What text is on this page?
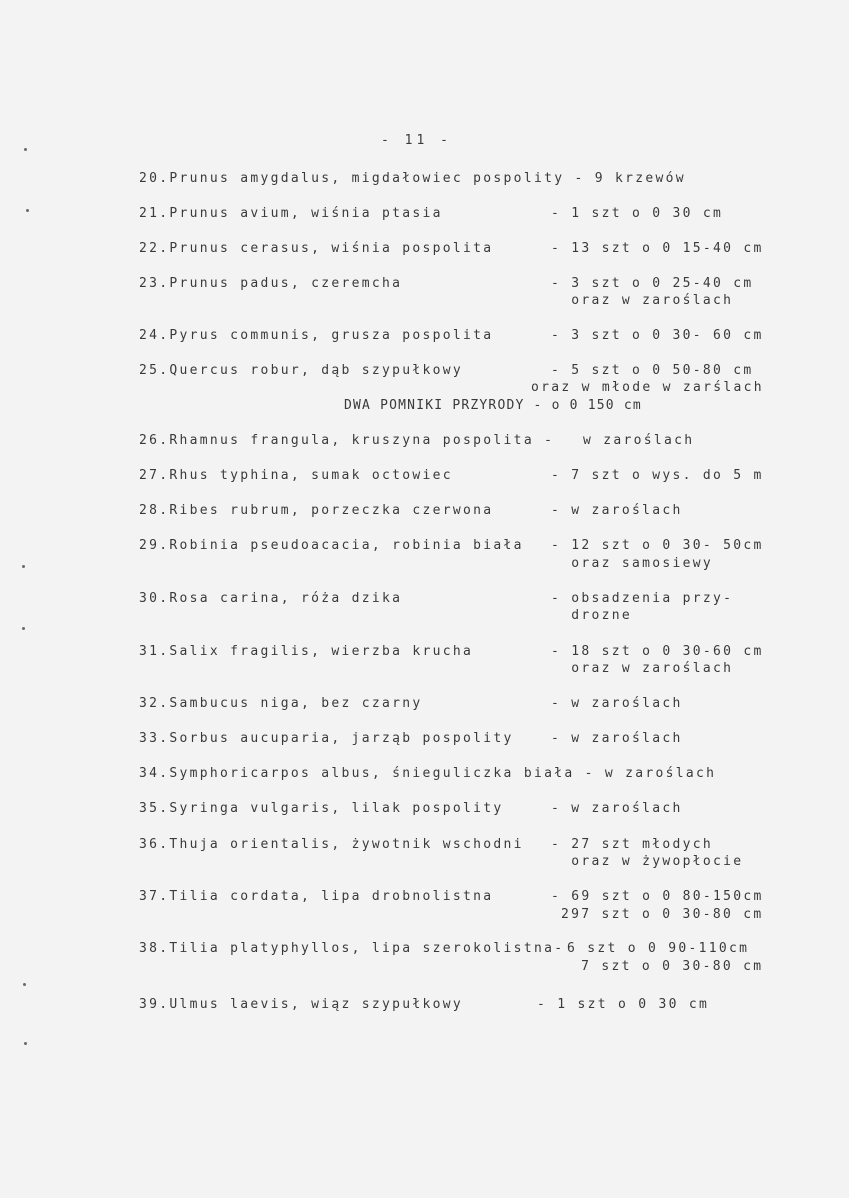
- 11 -
20.Prunus amygdalus, migdałowiec pospolity - 9 krzewów
21.Prunus avium, wiśnia ptasia	- 1 szt o 0 30 cm
22.Prunus cerasus, wiśnia pospolita	- 13 szt o 0 15-40 cm
23.Prunus padus, czeremcha	- 3 szt o 0 25-40 cm
oraz w zaroślach
24.Pyrus communis, grusza pospolita	- 3 szt o 0 30- 60 cm
25.Quercus robur, dąb szypułkowy	- 5 szt o 0 50-80 cm
oraz w młode w zarślach
DWA POMNIKI PRZYRODY - o 0 150 cm
26.Rhamnus frangula, kruszyna pospolita - w zaroślach
27.Rhus typhina, sumak octowiec	- 7 szt o wys. do 5 m
28.Ribes rubrum, porzeczka czerwona	- w zaroślach
29.Robinia pseudoacacia, robinia biała - 12 szt o 0 30- 50cm
oraz samosiewy
30.Rosa carina, róża dzika	- obsadzenia przy-
drozne
31.Salix fragilis, wierzba krucha	- 18 szt o 0 30-60 cm
oraz w zaroślach
32.Sambucus niga, bez czarny	- w zaroślach
33.Sorbus aucuparia, jarząb pospolity	- w zaroślach
34.Symphoricarpos albus, śnieguliczka biała - w zaroślach
35.Syringa vulgaris, lilak pospolity	- w zaroślach
36.Thuja orientalis, żywotnik wschodni - 27 szt młodych
oraz w żywopłocie
37.Tilia cordata, lipa drobnolistna	- 69 szt o 0 80-150cm
297 szt o 0 30-80 cm
38.Tilia platyphyllos, lipa szerokolistna- 6 szt o 0 90-110cm
7 szt o 0 30-80 cm
39.Ulmus laevis, wiąz szypułkowy	- 1 szt o 0 30 cm
